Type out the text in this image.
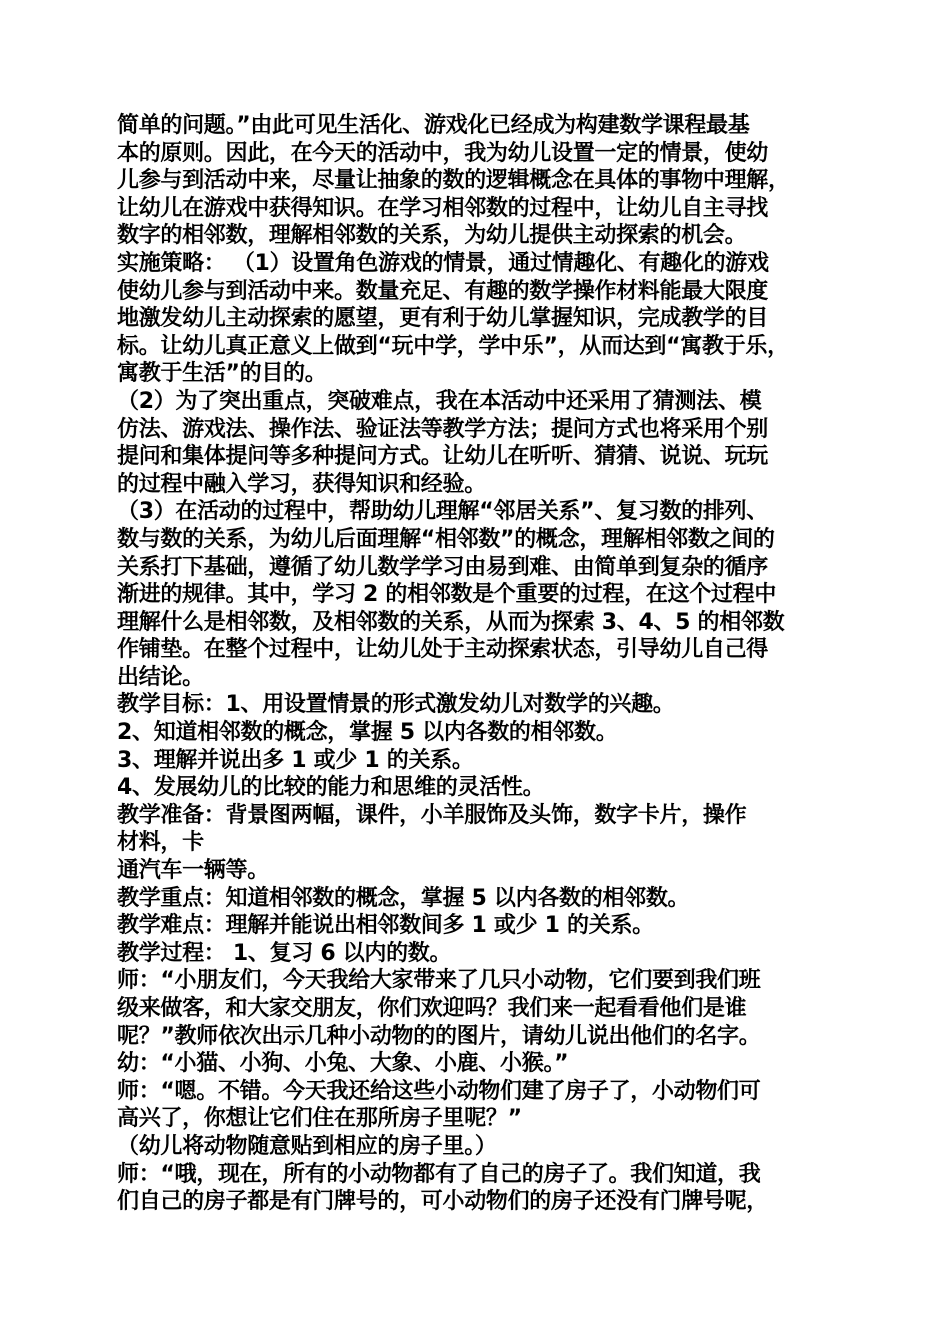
简单的问题。”由此可见生活化、游戏化已经成为构建数学课程最基
本的原则。因此，在今天的活动中，我为幼儿设置一定的情景，使幼
儿参与到活动中来，尽量让抽象的数的逻辑概念在具体的事物中理解，
让幼儿在游戏中获得知识。在学习相邻数的过程中，让幼儿自主寻找
数字的相邻数，理解相邻数的关系，为幼儿提供主动探索的机会。
实施策略： （1）设置角色游戏的情景，通过情趣化、有趣化的游戏
使幼儿参与到活动中来。数量充足、有趣的数学操作材料能最大限度
地激发幼儿主动探索的愿望，更有利于幼儿掌握知识，完成教学的目
标。让幼儿真正意义上做到“玩中学，学中乐”，从而达到“寓教于乐，
寓教于生活”的目的。
（2）为了突出重点，突破难点，我在本活动中还采用了猜测法、模
仿法、游戏法、操作法、验证法等教学方法；提问方式也将采用个别
提问和集体提问等多种提问方式。让幼儿在听听、猜猜、说说、玩玩
的过程中融入学习，获得知识和经验。
（3）在活动的过程中，帮助幼儿理解“邻居关系”、复习数的排列、
数与数的关系，为幼儿后面理解“相邻数”的概念，理解相邻数之间的
关系打下基础，遵循了幼儿数学学习由易到难、由简单到复杂的循序
渐进的规律。其中，学习 2 的相邻数是个重要的过程，在这个过程中
理解什么是相邻数，及相邻数的关系，从而为探索 3、4、5 的相邻数
作铺垫。在整个过程中，让幼儿处于主动探索状态，引导幼儿自己得
出结论。
教学目标：1、用设置情景的形式激发幼儿对数学的兴趣。
2、知道相邻数的概念，掌握 5 以内各数的相邻数。
3、理解并说出多 1 或少 1 的关系。
4、发展幼儿的比较的能力和思维的灵活性。
教学准备：背景图两幅，课件，小羊服饰及头饰，数字卡片，操作
材料，卡
通汽车一辆等。
教学重点：知道相邻数的概念，掌握 5 以内各数的相邻数。
教学难点：理解并能说出相邻数间多 1 或少 1 的关系。
教学过程： 1、复习 6 以内的数。
师：“小朋友们，今天我给大家带来了几只小动物，它们要到我们班
级来做客，和大家交朋友，你们欢迎吗？我们来一起看看他们是谁
呢？”教师依次出示几种小动物的的图片，请幼儿说出他们的名字。
幼：“小猫、小狗、小兔、大象、小鹿、小猴。”
师：“嗯。不错。今天我还给这些小动物们建了房子了，小动物们可
高兴了，你想让它们住在那所房子里呢？”
（幼儿将动物随意贴到相应的房子里。）
师：“哦，现在，所有的小动物都有了自己的房子了。我们知道，我
们自己的房子都是有门牌号的，可小动物们的房子还没有门牌号呢，
